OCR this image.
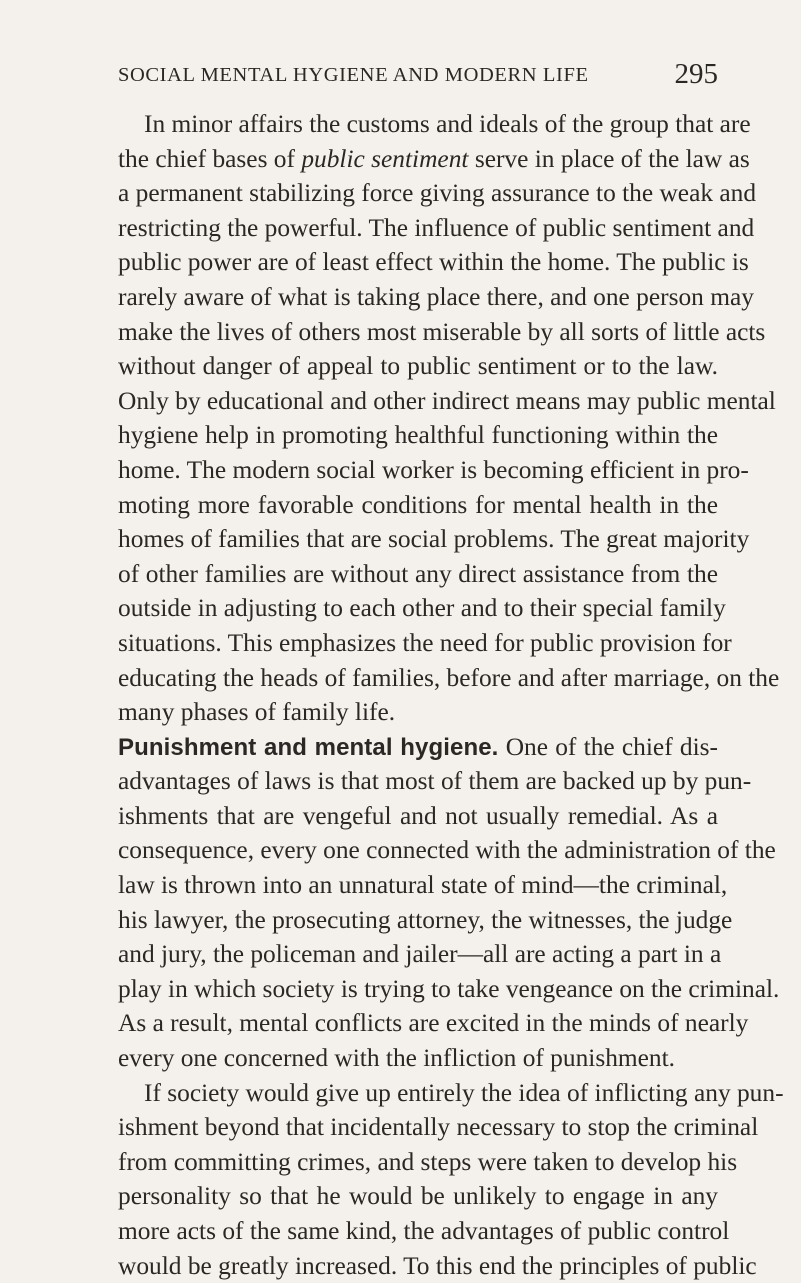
SOCIAL MENTAL HYGIENE AND MODERN LIFE	295
In minor affairs the customs and ideals of the group that are
the chief bases of public sentiment serve in place of the law as
a permanent stabilizing force giving assurance to the weak and
restricting the powerful. The influence of public sentiment and
public power are of least effect within the home. The public is
rarely aware of what is taking place there, and one person may
make the lives of others most miserable by all sorts of little acts
without danger of appeal to public sentiment or to the law.
Only by educational and other indirect means may public mental
hygiene help in promoting healthful functioning within the
home. The modern social worker is becoming efficient in pro-
moting more favorable conditions for mental health in the
homes of families that are social problems. The great majority
of other families are without any direct assistance from the
outside in adjusting to each other and to their special family
situations. This emphasizes the need for public provision for
educating the heads of families, before and after marriage, on the
many phases of family life.
Punishment and mental hygiene. One of the chief dis-
advantages of laws is that most of them are backed up by pun-
ishments that are vengeful and not usually remedial. As a
consequence, every one connected with the administration of the
law is thrown into an unnatural state of mind—the criminal,
his lawyer, the prosecuting attorney, the witnesses, the judge
and jury, the policeman and jailer—all are acting a part in a
play in which society is trying to take vengeance on the criminal.
As a result, mental conflicts are excited in the minds of nearly
every one concerned with the infliction of punishment.
If society would give up entirely the idea of inflicting any pun-
ishment beyond that incidentally necessary to stop the criminal
from committing crimes, and steps were taken to develop his
personality so that he would be unlikely to engage in any
more acts of the same kind, the advantages of public control
would be greatly increased. To this end the principles of public
